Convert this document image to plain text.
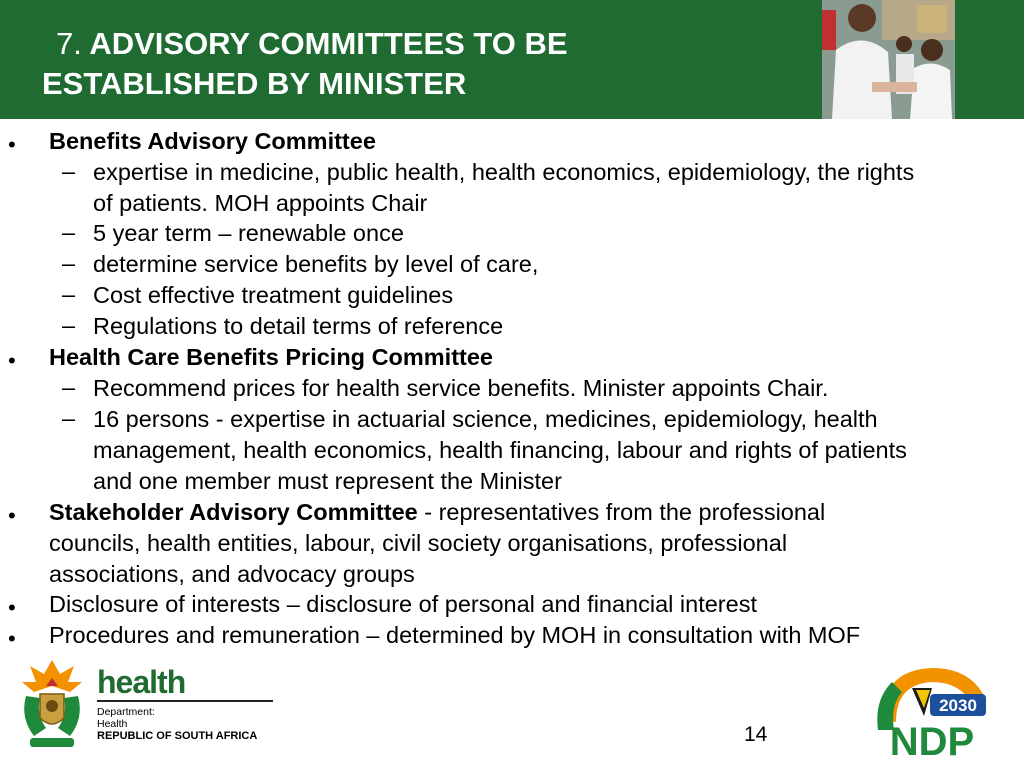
7. ADVISORY COMMITTEES TO BE
ESTABLISHED BY MINISTER
• Benefits Advisory Committee
– expertise in medicine, public health, health economics, epidemiology, the rights
of patients. MOH appoints Chair
– 5 year term – renewable once
– determine service benefits by level of care,
– Cost effective treatment guidelines
– Regulations to detail terms of reference
• Health Care Benefits Pricing Committee
– Recommend prices for health service benefits. Minister appoints Chair.
– 16 persons - expertise in actuarial science, medicines, epidemiology, health
management, health economics, health financing, labour and rights of patients
and one member must represent the Minister
• Stakeholder Advisory Committee - representatives from the professional
councils, health entities, labour, civil society organisations, professional
associations, and advocacy groups
• Disclosure of interests – disclosure of personal and financial interest
• Procedures and remuneration – determined by MOH in consultation with MOF
health
Department:
Health
REPUBLIC OF SOUTH AFRICA	14
2030
NDP
